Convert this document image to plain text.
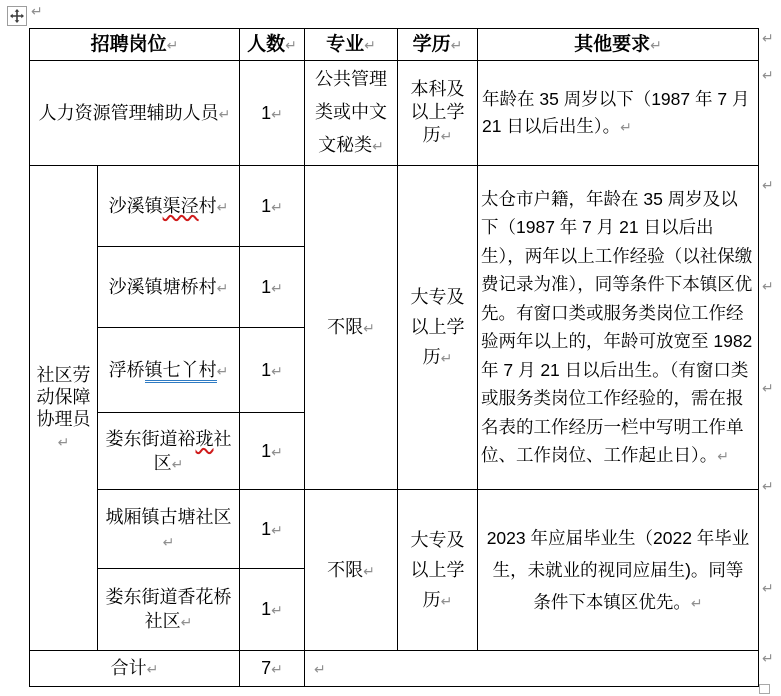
↵
招聘岗位↵		人数↵	专业↵	学历↵	其他要求↵
人力资源管理辅助人员↵		1↵	公共管理类或中文文秘类↵	本科及以上学历↵	年龄在 35 周岁以下（1987 年 7 月 21 日以后出生）。↵
社区劳动保障协理员↵	沙溪镇渠泾村↵	1↵	不限↵	大专及以上学历↵	太仓市户籍，年龄在 35 周岁及以下（1987 年 7 月 21 日以后出生），两年以上工作经验（以社保缴费记录为准），同等条件下本镇区优先。有窗口类或服务类岗位工作经验两年以上的，年龄可放宽至 1982 年 7 月 21 日以后出生。（有窗口类或服务类岗位工作经验的，需在报名表的工作经历一栏中写明工作单位、工作岗位、工作起止日）。↵
	沙溪镇塘桥村↵	1↵			
	浮桥镇七丫村↵	1↵			
	娄东街道裕珑社区↵	1↵			
	城厢镇古塘社区↵	1↵	不限↵	大专及以上学历↵	2023 年应届毕业生（2022 年毕业生，未就业的视同应届生)。同等条件下本镇区优先。↵
	娄东街道香花桥社区↵	1↵			
合计↵		7↵	↵		
↵
↵
↵
↵
↵
↵
↵
↵
